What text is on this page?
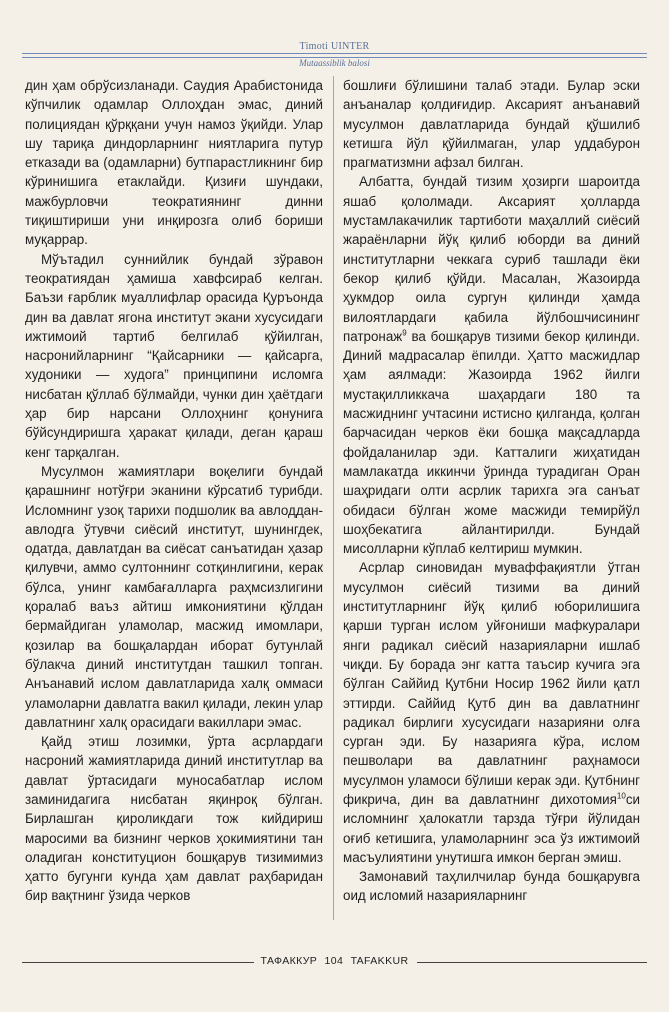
Timoti UINTER
Mutaassiblik balosi

дин ҳам обрўсизланади. Саудия Арабистонида кўпчилик одамлар Оллоҳдан эмас, диний полициядан қўрққани учун намоз ўқийди. Улар шу тариқа диндорларнинг ниятларига путур етказади ва (одамларни) бутпарастликнинг бир кўринишига етаклайди. Қизиғи шундаки, мажбурловчи теократиянинг динни тиқиштириши уни инқирозга олиб бориши муқаррар.

Мўътадил суннийлик бундай зўравон теократиядан ҳамиша хавфсираб келган. Баъзи ғарблик муаллифлар орасида Қуръонда дин ва давлат ягона институт экани хусусидаги ижтимоий тартиб белгилаб қўйилган, насронийларнинг “Қайсарники — қайсарга, худоники — худога” принципини исломга нисбатан қўллаб бўлмайди, чунки дин ҳаётдаги ҳар бир нарсани Оллоҳнинг қонунига бўйсундиришга ҳаракат қилади, деган қараш кенг тарқалган.

Мусулмон жамиятлари воқелиги бундай қарашнинг нотўғри эканини кўрсатиб турибди. Исломнинг узоқ тарихи подшолик ва авлоддан-авлодга ўтувчи сиёсий институт, шунингдек, одатда, давлатдан ва сиёсат санъатидан ҳазар қилувчи, аммо султоннинг сотқинлигини, керак бўлса, унинг камбағалларга раҳмсизлигини қоралаб ваъз айтиш имкониятини қўлдан бермайдиган уламолар, масжид имомлари, қозилар ва бошқалардан иборат бутунлай бўлакча диний институтдан ташкил топган. Анъанавий ислом давлатларида халқ оммаси уламоларни давлатга вакил қилади, лекин улар давлатнинг халқ орасидаги вакиллари эмас.

Қайд этиш лозимки, ўрта асрлардаги насроний жамиятларида диний институтлар ва давлат ўртасидаги муносабатлар ислом заминидагига нисбатан яқинроқ бўлган. Бирлашган қироликдаги тож кийдириш маросими ва бизнинг черков ҳокимиятини тан оладиган конституцион бошқарув тизимимиз ҳатто бугунги кунда ҳам давлат раҳбаридан бир вақтнинг ўзида черков

бошлиғи бўлишини талаб этади. Булар эски анъаналар қолдиғидир. Аксарият анъанавий мусулмон давлатларида бундай қўшилиб кетишга йўл қўйилмаган, улар уддабурон прагматизмни афзал билган.

Албатта, бундай тизим ҳозирги шароитда яшаб қололмади. Аксарият ҳолларда мустамлакачилик тартиботи маҳаллий сиёсий жараёнларни йўқ қилиб юборди ва диний институтларни чеккага суриб ташлади ёки бекор қилиб қўйди. Масалан, Жазоирда ҳукмдор оила сургун қилинди ҳамда вилоятлардаги қабила йўлбошчисининг патронаж$^9$ ва бошқарув тизими бекор қилинди. Диний мадрасалар ёпилди. Ҳатто масжидлар ҳам аялмади: Жазоирда 1962 йилги мустақилликкача шаҳардаги 180 та масжиднинг учтасини истисно қилганда, қолган барчасидан черков ёки бошқа мақсадларда фойдаланилар эди. Катталиги жиҳатидан мамлакатда иккинчи ўринда турадиган Оран шаҳридаги олти асрлик тарихга эга санъат обидаси бўлган жоме масжиди темирйўл шоҳбекатига айлантирилди. Бундай мисолларни кўплаб келтириш мумкин.

Асрлар синовидан муваффақиятли ўтган мусулмон сиёсий тизими ва диний институтларнинг йўқ қилиб юборилишига қарши турган ислом уйғониши мафкуралари янги радикал сиёсий назарияларни ишлаб чиқди. Бу борада энг катта таъсир кучига эга бўлган Саййид Қутбни Носир 1962 йили қатл эттирди. Саййид Қутб дин ва давлатнинг радикал бирлиги хусусидаги назарияни олға сурган эди. Бу назарияга кўра, ислом пешволари ва давлатнинг раҳнамоси мусулмон уламоси бўлиши керак эди. Қутбнинг фикрича, дин ва давлатнинг дихотомия$^{10}$си исломнинг ҳалокатли тарзда тўғри йўлидан оғиб кетишига, уламоларнинг эса ўз ижтимоий масъулиятини унутишга имкон берган эмиш.

Замонавий таҳлилчилар бунда бошқарувга оид исломий назарияларнинг

ТАФАККУР 104 TAFAKKUR
